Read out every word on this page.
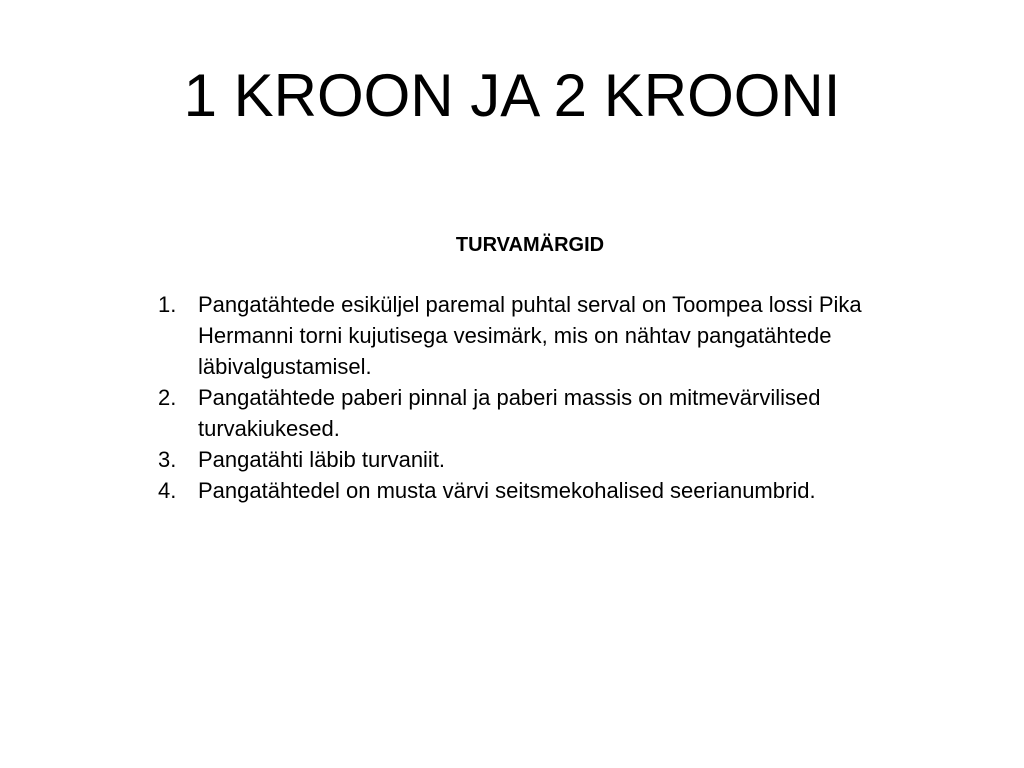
1 KROON JA 2 KROONI
TURVAMÄRGID
1. Pangatähtede esiküljel paremal puhtal serval on Toompea lossi Pika Hermanni torni kujutisega vesimärk, mis on nähtav pangatähtede läbivalgustamisel.
2. Pangatähtede paberi pinnal ja paberi massis on mitmevärvilised turvakiukesed.
3. Pangatähti läbib turvaniit.
4. Pangatähtedel on musta värvi seitsmekohalised seerianumbrid.
